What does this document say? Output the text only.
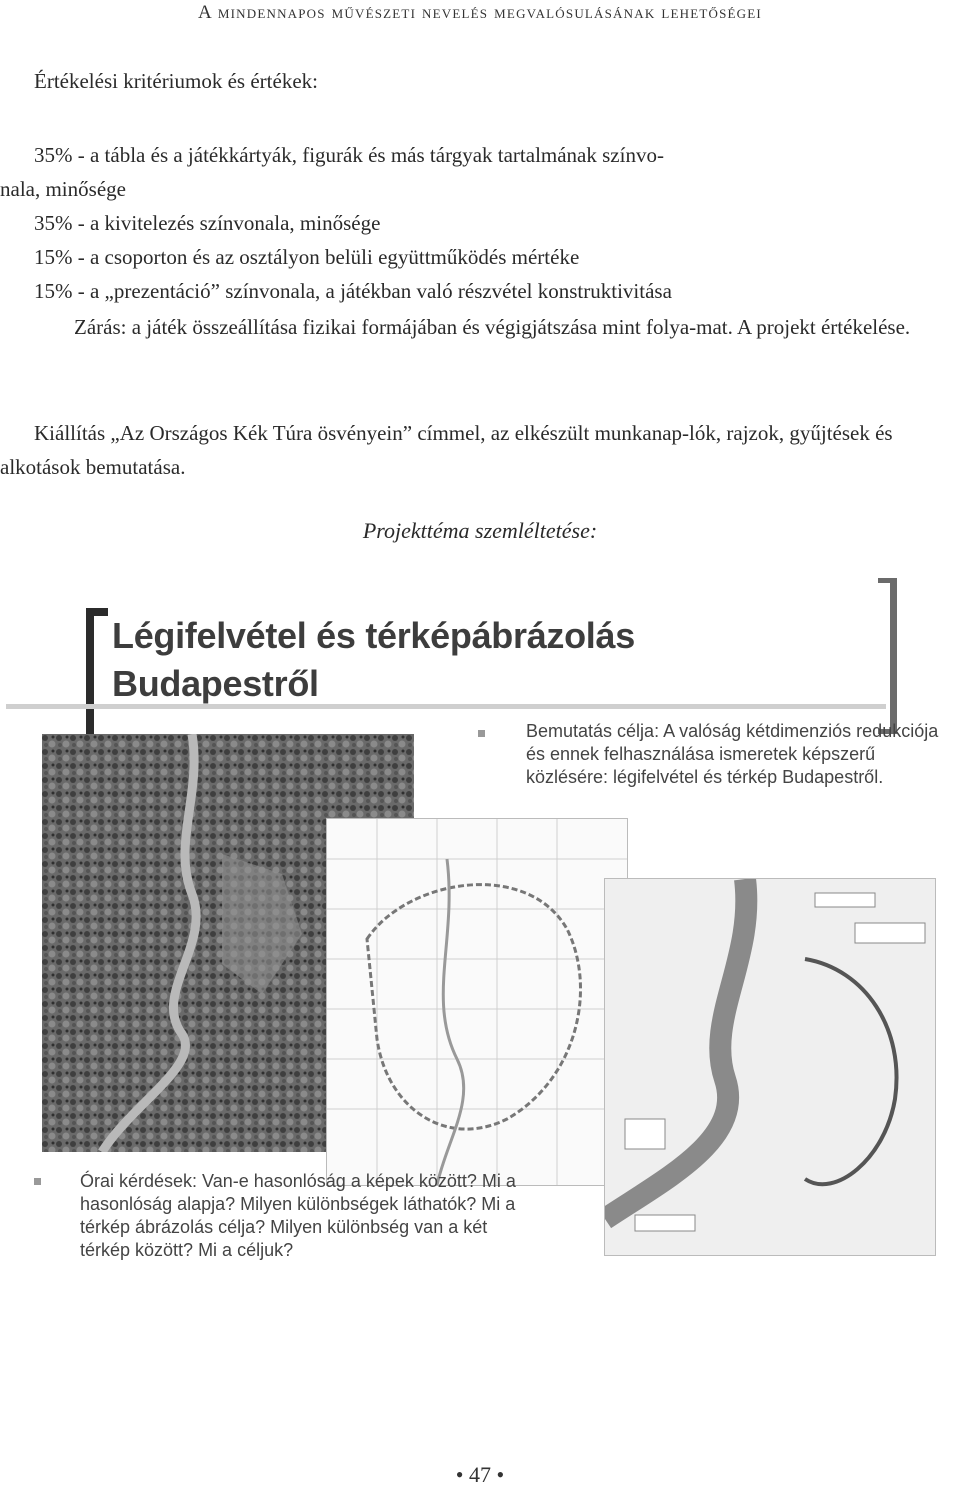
A mindennapos művészeti nevelés megvalósulásának lehetőségei
Értékelési kritériumok és értékek:

35% - a tábla és a játékkártyák, figurák és más tárgyak tartalmának színvo-

nala, minősége

35% - a kivitelezés színvonala, minősége

15% - a csoporton és az osztályon belüli együttműködés mértéke

15% - a „prezentáció” színvonala, a játékban való részvétel konstruktivitása

Zárás: a játék összeállítása fizikai formájában és végigjátszása mint folya-mat. A projekt értékelése.

Kiállítás „Az Országos Kék Túra ösvényein” címmel, az elkészült munkanap-lók, rajzok, gyűjtések és alkotások bemutatása.

Projekttéma szemléltetése:
Légifelvétel és térképábrázolás
Budapestről
Bemutatás célja: A valóság kétdimenziós redukciója és ennek felhasználása ismeretek képszerű közlésére: légifelvétel és térkép Budapestről.
Órai kérdések: Van-e hasonlóság a képek között? Mi a hasonlóság alapja? Milyen különbségek láthatók? Mi a térkép ábrázolás célja? Milyen különbség van a két térkép között? Mi a céljuk?
• 47 •
